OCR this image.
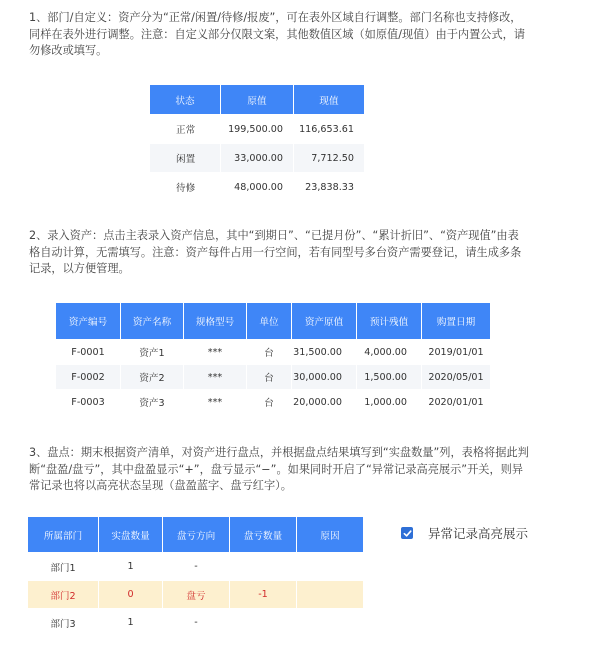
1、部门/自定义：资产分为“正常/闲置/待修/报废”，可在表外区域自行调整。部门名称也支持修改，同样在表外进行调整。注意：自定义部分仅限文案，其他数值区域（如原值/现值）由于内置公式，请勿修改或填写。

状态	原值	现值
正常	199,500.00	116,653.61
闲置	33,000.00	7,712.50
待修	48,000.00	23,838.33

2、录入资产：点击主表录入资产信息，其中“到期日”、“已提月份”、“累计折旧”、“资产现值”由表格自动计算，无需填写。注意：资产每件占用一行空间，若有同型号多台资产需要登记，请生成多条记录，以方便管理。

资产编号	资产名称	规格型号	单位	资产原值	预计残值	购置日期
F-0001	资产1	***	台	31,500.00	4,000.00	2019/01/01
F-0002	资产2	***	台	30,000.00	1,500.00	2020/05/01
F-0003	资产3	***	台	20,000.00	1,000.00	2020/01/01

3、盘点：期末根据资产清单，对资产进行盘点，并根据盘点结果填写到“实盘数量”列，表格将据此判断“盘盈/盘亏”，其中盘盈显示“+”，盘亏显示“−”。如果同时开启了“异常记录高亮展示”开关，则异常记录也将以高亮状态呈现（盘盈蓝字、盘亏红字）。

所属部门	实盘数量	盘亏方向	盘亏数量	原因
部门1	1	-		
部门2	0	盘亏	-1	
部门3	1	-		
异常记录高亮展示
